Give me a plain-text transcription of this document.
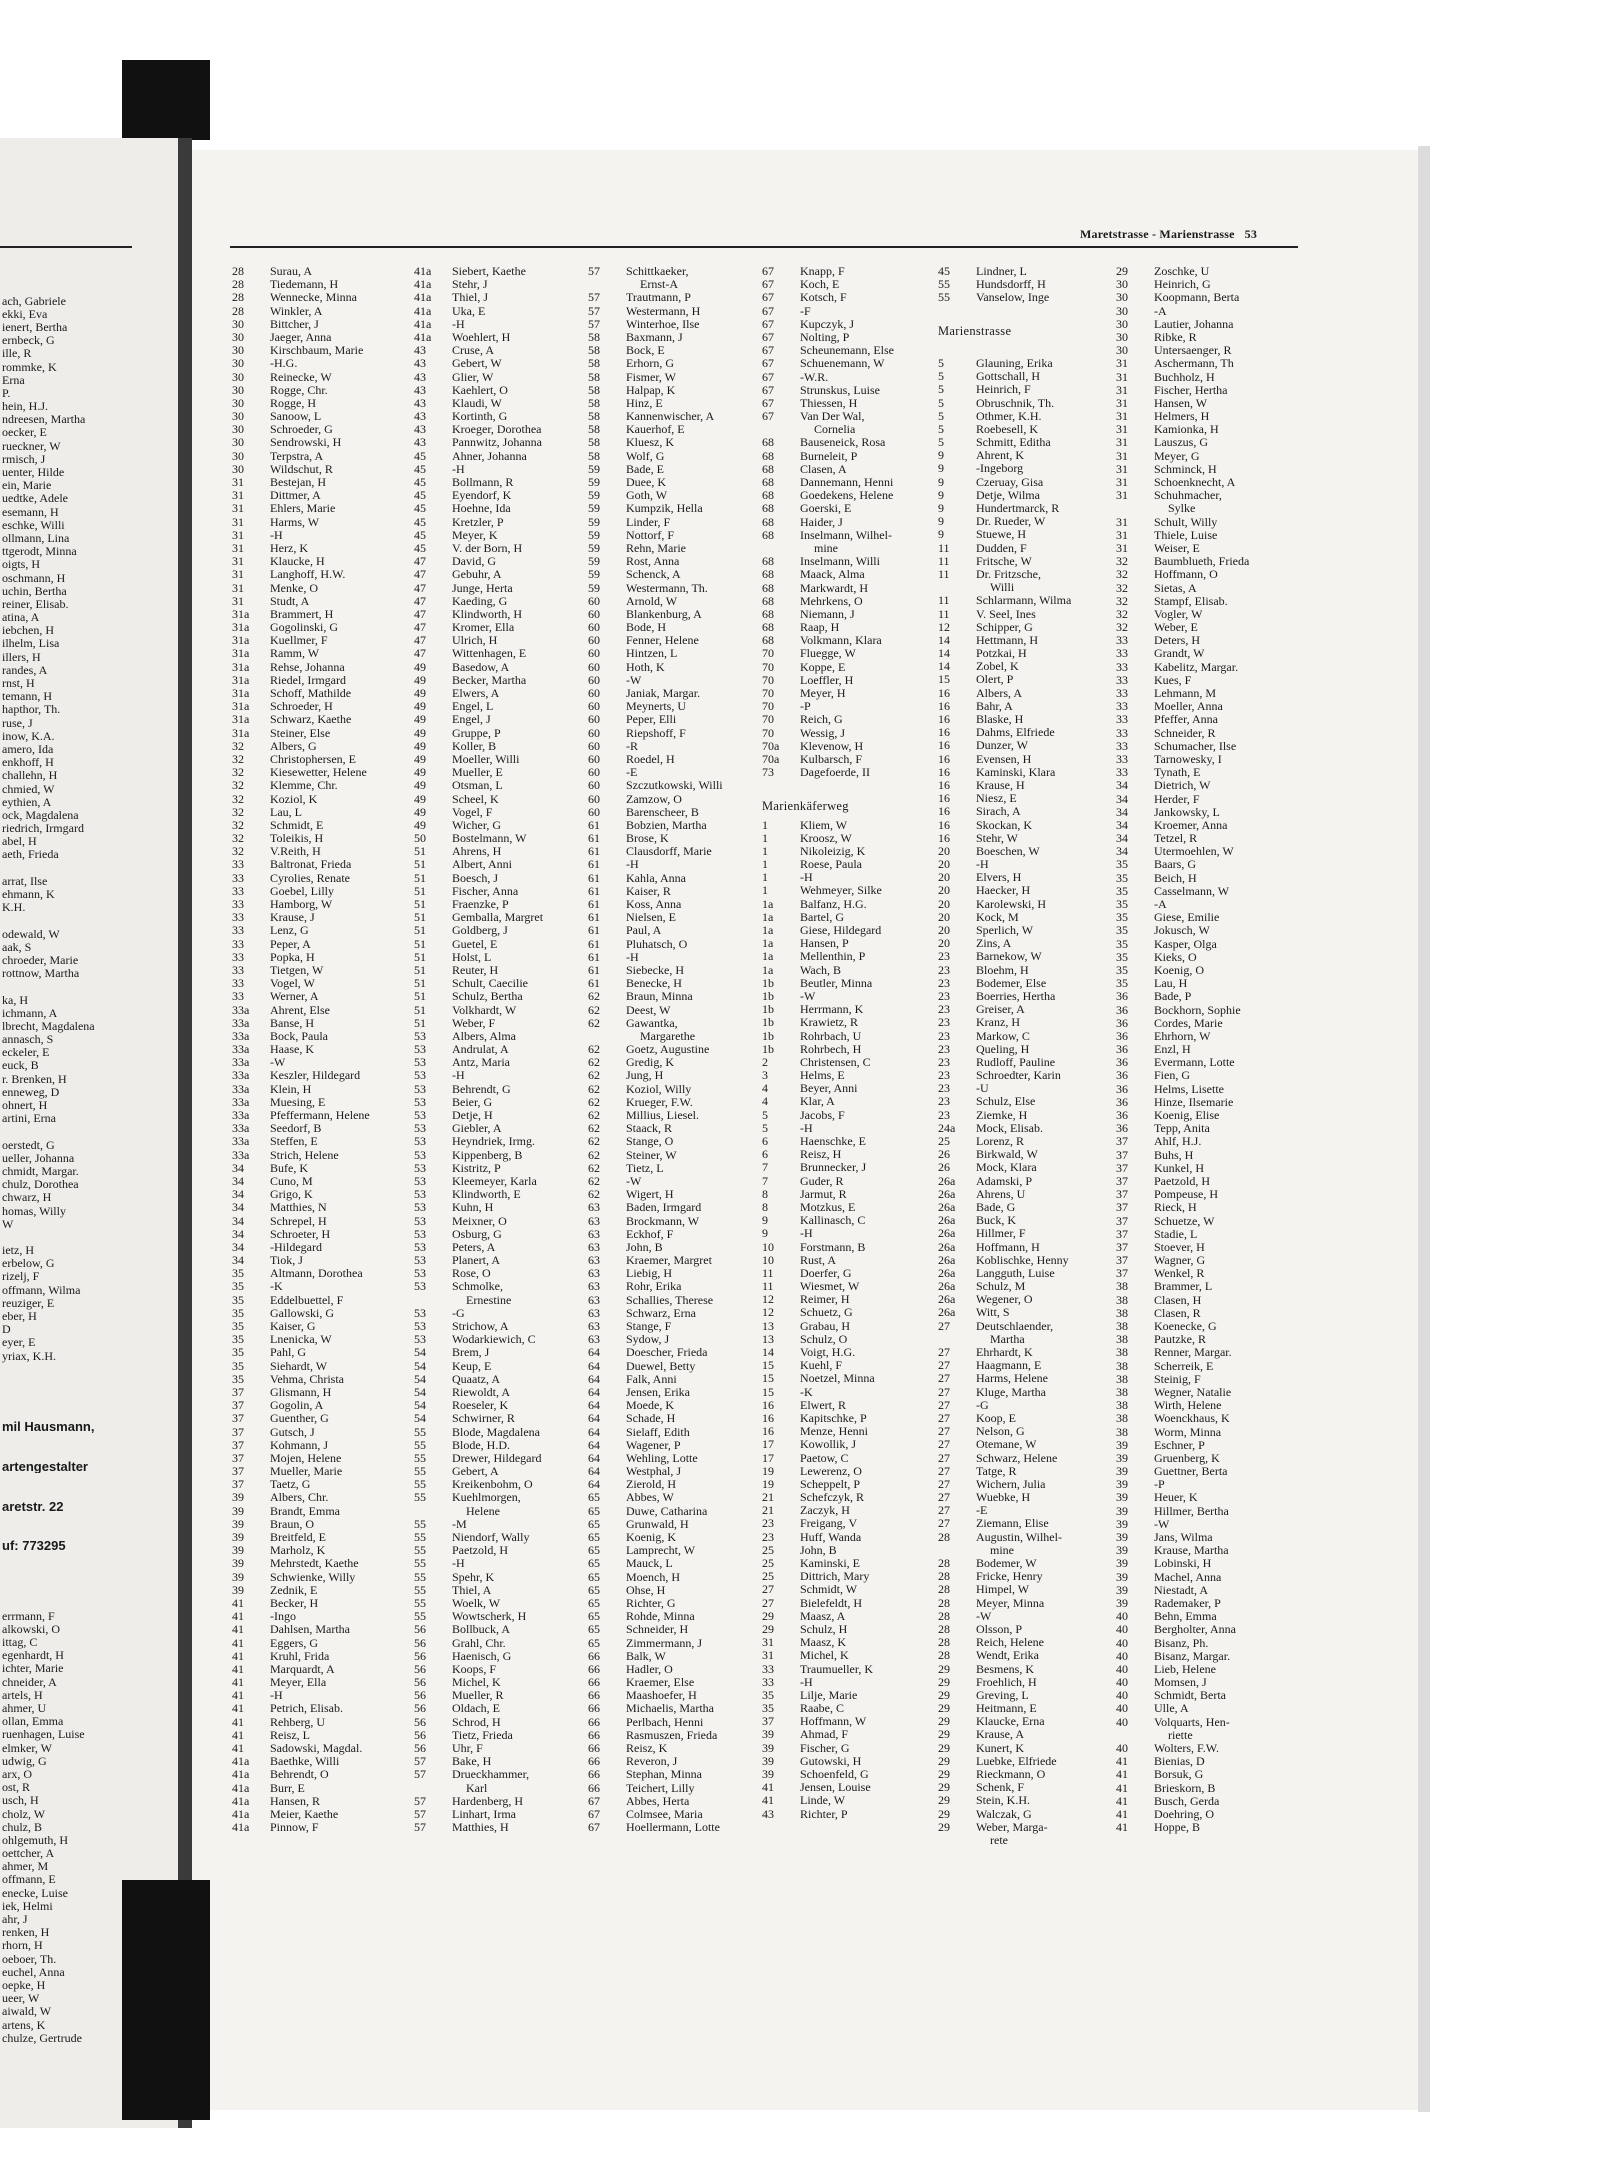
Maretstrasse - Marienstrasse 53

ach, Gabriele
ekki, Eva
ienert, Bertha
ernbeck, G
ille, R
rommke, K
Erna
P.
hein, H.J.
ndreesen, Martha
oecker, E
rueckner, W
rmisch, J
uenter, Hilde
ein, Marie
uedtke, Adele
esemann, H
eschke, Willi
ollmann, Lina
ttgerodt, Minna
oigts, H
oschmann, H
uchin, Bertha
reiner, Elisab.
atina, A
iebchen, H
ilhelm, Lisa
illers, H
randes, A
rnst, H
temann, H
hapthor, Th.
ruse, J
inow, K.A.
amero, Ida
enkhoff, H
challehn, H
chmied, W
eythien, A
ock, Magdalena
riedrich, Irmgard
abel, H
aeth, Frieda

arrat, Ilse
ehmann, K
K.H.

odewald, W
aak, S
chroeder, Marie
rottnow, Martha

ka, H
ichmann, A
lbrecht, Magdalena
annasch, S
eckeler, E
euck, B
r. Brenken, H
enneweg, D
ohnert, H
artini, Erna

oerstedt, G
ueller, Johanna
chmidt, Margar.
chulz, Dorothea
chwarz, H
homas, Willy
W

ietz, H
erbelow, G
rizelj, F
offmann, Wilma
reuziger, E
eber, H
D
eyer, E
yriax, K.H.

mil Hausmann,

artengestalter

aretstr. 22

uf: 773295

errmann, F
alkowski, O
ittag, C
egenhardt, H
ichter, Marie
chneider, A
artels, H
ahmer, U
ollan, Emma
ruenhagen, Luise
elmker, W
udwig, G
arx, O
ost, R
usch, H
cholz, W
chulz, B
ohlgemuth, H
oettcher, A
ahmer, M
offmann, E
enecke, Luise
iek, Helmi
ahr, J
renken, H
rhorn, H
oeboer, Th.
euchel, Anna
oepke, H
ueer, W
aiwald, W
artens, K
chulze, Gertrude

28 Surau, A
28 Tiedemann, H
28 Wennecke, Minna
28 Winkler, A
30 Bittcher, J
30 Jaeger, Anna
30 Kirschbaum, Marie
30 -H.G.
30 Reinecke, W
30 Rogge, Chr.
30 Rogge, H
30 Sanoow, L
30 Schroeder, G
30 Sendrowski, H
30 Terpstra, A
30 Wildschut, R
31 Bestejan, H
31 Dittmer, A
31 Ehlers, Marie
31 Harms, W
31 -H
31 Herz, K
31 Klaucke, H
31 Langhoff, H.W.
31 Menke, O
31 Studt, A
31a Brammert, H
31a Gogolinski, G
31a Kuellmer, F
31a Ramm, W
31a Rehse, Johanna
31a Riedel, Irmgard
31a Schoff, Mathilde
31a Schroeder, H
31a Schwarz, Kaethe
31a Steiner, Else
32 Albers, G
32 Christophersen, E
32 Kiesewetter, Helene
32 Klemme, Chr.
32 Koziol, K
32 Lau, L
32 Schmidt, E
32 Toleikis, H
32 V.Reith, H
33 Baltronat, Frieda
33 Cyrolies, Renate
33 Goebel, Lilly
33 Hamborg, W
33 Krause, J
33 Lenz, G
33 Peper, A
33 Popka, H
33 Tietgen, W
33 Vogel, W
33 Werner, A
33a Ahrent, Else
33a Banse, H
33a Bock, Paula
33a Haase, K
33a -W
33a Keszler, Hildegard
33a Klein, H
33a Muesing, E
33a Pfeffermann, Helene
33a Seedorf, B
33a Steffen, E
33a Strich, Helene
34 Bufe, K
34 Cuno, M
34 Grigo, K
34 Matthies, N
34 Schrepel, H
34 Schroeter, H
34 -Hildegard
34 Tiok, J
35 Altmann, Dorothea
35 -K
35 Eddelbuettel, F
35 Gallowski, G
35 Kaiser, G
35 Lnenicka, W
35 Pahl, G
35 Siehardt, W
35 Vehma, Christa
37 Glismann, H
37 Gogolin, A
37 Guenther, G
37 Gutsch, J
37 Kohmann, J
37 Mojen, Helene
37 Mueller, Marie
37 Taetz, G
39 Albers, Chr.
39 Brandt, Emma
39 Braun, O
39 Breitfeld, E
39 Marholz, K
39 Mehrstedt, Kaethe
39 Schwienke, Willy
39 Zednik, E
41 Becker, H
41 -Ingo
41 Dahlsen, Martha
41 Eggers, G
41 Kruhl, Frida
41 Marquardt, A
41 Meyer, Ella
41 -H
41 Petrich, Elisab.
41 Rehberg, U
41 Reisz, L
41 Sadowski, Magdal.
41a Baethke, Willi
41a Behrendt, O
41a Burr, E
41a Hansen, R
41a Meier, Kaethe
41a Pinnow, F
41a Siebert, Kaethe
41a Stehr, J
41a Thiel, J
41a Uka, E
41a -H
41a Woehlert, H
43 Cruse, A
43 Gebert, W
43 Glier, W
43 Kaehlert, O
43 Klaudi, W
43 Kortinth, G
43 Kroeger, Dorothea
43 Pannwitz, Johanna
45 Ahner, Johanna
45 -H
45 Bollmann, R
45 Eyendorf, K
45 Hoehne, Ida
45 Kretzler, P
45 Meyer, K
45 V. der Born, H
47 David, G
47 Gebuhr, A
47 Junge, Herta
47 Kaeding, G
47 Klindworth, H
47 Kromer, Ella
47 Ulrich, H
47 Wittenhagen, E
49 Basedow, A
49 Becker, Martha
49 Elwers, A
49 Engel, L
49 Engel, J
49 Gruppe, P
49 Koller, B
49 Moeller, Willi
49 Mueller, E
49 Otsman, L
49 Scheel, K
49 Vogel, F
49 Wicher, G
50 Bostelmann, W
51 Ahrens, H
51 Albert, Anni
51 Boesch, J
51 Fischer, Anna
51 Fraenzke, P
51 Gemballa, Margret
51 Goldberg, J
51 Guetel, E
51 Holst, L
51 Reuter, H
51 Schult, Caecilie
51 Schulz, Bertha
51 Volkhardt, W
51 Weber, F
53 Albers, Alma
53 Andrulat, A
53 Antz, Maria
53 -H
53 Behrendt, G
53 Beier, G
53 Detje, H
53 Giebler, A
53 Heyndriek, Irmg.
53 Kippenberg, B
53 Kistritz, P
53 Kleemeyer, Karla
53 Klindworth, E
53 Kuhn, H
53 Meixner, O
53 Osburg, G
53 Peters, A
53 Planert, A
53 Rose, O
53 Schmolke,
Ernestine
53 -G
53 Strichow, A
53 Wodarkiewich, C
54 Brem, J
54 Keup, E
54 Quaatz, A
54 Riewoldt, A
54 Roeseler, K
54 Schwirner, R
55 Blode, Magdalena
55 Blode, H.D.
55 Drewer, Hildegard
55 Gebert, A
55 Kreikenbohm, O
55 Kuehlmorgen,
Helene
55 -M
55 Niendorf, Wally
55 Paetzold, H
55 -H
55 Spehr, K
55 Thiel, A
55 Woelk, W
55 Wowtscherk, H
56 Bollbuck, A
56 Grahl, Chr.
56 Haenisch, G
56 Koops, F
56 Michel, K
56 Mueller, R
56 Oldach, E
56 Schrod, H
56 Tietz, Frieda
56 Uhr, F
57 Bake, H
57 Drueckhammer,
Karl
57 Hardenberg, H
57 Linhart, Irma
57 Matthies, H
57 Schittkaeker,
Ernst-A
57 Trautmann, P
57 Westermann, H
57 Winterhoe, Ilse
58 Baxmann, J
58 Bock, E
58 Erhorn, G
58 Fismer, W
58 Halpap, K
58 Hinz, E
58 Kannenwischer, A
58 Kauerhof, E
58 Kluesz, K
58 Wolf, G
59 Bade, E
59 Duee, K
59 Goth, W
59 Kumpzik, Hella
59 Linder, F
59 Nottorf, F
59 Rehn, Marie
59 Rost, Anna
59 Schenck, A
59 Westermann, Th.
60 Arnold, W
60 Blankenburg, A
60 Bode, H
60 Fenner, Helene
60 Hintzen, L
60 Hoth, K
60 -W
60 Janiak, Margar.
60 Meynerts, U
60 Peper, Elli
60 Riepshoff, F
60 -R
60 Roedel, H
60 -E
60 Szczutkowski, Willi
60 Zamzow, O
60 Barenscheer, B
61 Bobzien, Martha
61 Brose, K
61 Clausdorff, Marie
61 -H
61 Kahla, Anna
61 Kaiser, R
61 Koss, Anna
61 Nielsen, E
61 Paul, A
61 Pluhatsch, O
61 -H
61 Siebecke, H
61 Benecke, H
62 Braun, Minna
62 Deest, W
62 Gawantka,
Margarethe
62 Goetz, Augustine
62 Gredig, K
62 Jung, H
62 Koziol, Willy
62 Krueger, F.W.
62 Millius, Liesel.
62 Staack, R
62 Stange, O
62 Steiner, W
62 Tietz, L
62 -W
62 Wigert, H
63 Baden, Irmgard
63 Brockmann, W
63 Eckhof, F
63 John, B
63 Kraemer, Margret
63 Liebig, H
63 Rohr, Erika
63 Schallies, Therese
63 Schwarz, Erna
63 Stange, F
63 Sydow, J
64 Doescher, Frieda
64 Duewel, Betty
64 Falk, Anni
64 Jensen, Erika
64 Moede, K
64 Schade, H
64 Sielaff, Edith
64 Wagener, P
64 Wehling, Lotte
64 Westphal, J
64 Zierold, H
65 Abbes, W
65 Duwe, Catharina
65 Grunwald, H
65 Koenig, K
65 Lamprecht, W
65 Mauck, L
65 Moench, H
65 Ohse, H
65 Richter, G
65 Rohde, Minna
65 Schneider, H
65 Zimmermann, J
66 Balk, W
66 Hadler, O
66 Kraemer, Else
66 Maashoefer, H
66 Michaelis, Martha
66 Perlbach, Henni
66 Rasmuszen, Frieda
66 Reisz, K
66 Reveron, J
66 Stephan, Minna
66 Teichert, Lilly
67 Abbes, Herta
67 Colmsee, Maria
67 Hoellermann, Lotte
67 Knapp, F
67 Koch, E
67 Kotsch, F
67 -F
67 Kupczyk, J
67 Nolting, P
67 Scheunemann, Else
67 Schuenemann, W
67 -W.R.
67 Strunskus, Luise
67 Thiessen, H
67 Van Der Wal,
Cornelia
68 Bauseneick, Rosa
68 Burneleit, P
68 Clasen, A
68 Dannemann, Henni
68 Goedekens, Helene
68 Goerski, E
68 Haider, J
68 Inselmann, Wilhel-
mine
68 Inselmann, Willi
68 Maack, Alma
68 Markwardt, H
68 Mehrkens, O
68 Niemann, J
68 Raap, H
68 Volkmann, Klara
70 Fluegge, W
70 Koppe, E
70 Loeffler, H
70 Meyer, H
70 -P
70 Reich, G
70 Wessig, J
70a Klevenow, H
70a Kulbarsch, F
73 Dagefoerde, II

Marienkäferweg
1	Kliem, W
1	Kroosz, W
1	Nikoleizig, K
1	Roese, Paula
1	-H
1	Wehmeyer, Silke
1a Balfanz, H.G.
1a Bartel, G
1a Giese, Hildegard
1a Hansen, P
1a Mellenthin, P
1a Wach, B
1b Beutler, Minna
1b -W
1b Herrmann, K
1b Krawietz, R
1b Rohrbach, U
1b Rohrbech, H
2	Christensen, C
3	Helms, E
4	Beyer, Anni
4	Klar, A
5	Jacobs, F
5	-H
6	Haenschke, E
6	Reisz, H
7	Brunnecker, J
7	Guder, R
8	Jarmut, R
8	Motzkus, E
9	Kallinasch, C
9	-H
10 Forstmann, B
10 Rust, A
11 Doerfer, G
11 Wiesmet, W
12 Reimer, H
12 Schuetz, G
13 Grabau, H
13 Schulz, O
14 Voigt, H.G.
15 Kuehl, F
15 Noetzel, Minna
15 -K
16 Elwert, R
16 Kapitschke, P
16 Menze, Henni
17 Kowollik, J
17 Paetow, C
19 Lewerenz, O
19 Scheppelt, P
21 Schefczyk, R
21 Zaczyk, H
23 Freigang, V
23 Huff, Wanda
25 John, B
25 Kaminski, E
25 Dittrich, Mary
27 Schmidt, W
27 Bielefeldt, H
29 Maasz, A
29 Schulz, H
31 Maasz, K
31 Michel, K
33 Traumueller, K
33 -H
35 Lilje, Marie
35 Raabe, C
37 Hoffmann, W
39 Ahmad, F
39 Fischer, G
39 Gutowski, H
39 Schoenfeld, G
41 Jensen, Louise
41 Linde, W
43 Richter, P
45 Lindner, L
55 Hundsdorff, H
55 Vanselow, Inge

Marienstrasse

5	Glauning, Erika
5	Gottschall, H
5	Heinrich, F
5	Obruschnik, Th.
5	Othmer, K.H.
5	Roebesell, K
5	Schmitt, Editha
9	Ahrent, K
9	-Ingeborg
9	Czeruay, Gisa
9	Detje, Wilma
9	Hundertmarck, R
9	Dr. Rueder, W
9	Stuewe, H
11 Dudden, F
11 Fritsche, W
11 Dr. Fritzsche,
Willi
11 Schlarmann, Wilma
11 V. Seel, Ines
12 Schipper, G
14 Hettmann, H
14 Potzkai, H
14 Zobel, K
15 Olert, P
16 Albers, A
16 Bahr, A
16 Blaske, H
16 Dahms, Elfriede
16 Dunzer, W
16 Evensen, H
16 Kaminski, Klara
16 Krause, H
16 Niesz, E
16 Sirach, A
16 Skockan, K
16 Stehr, W
20 Boeschen, W
20 -H
20 Elvers, H
20 Haecker, H
20 Karolewski, H
20 Kock, M
20 Sperlich, W
20 Zins, A
23 Barnekow, W
23 Bloehm, H
23 Bodemer, Else
23 Boerries, Hertha
23 Greiser, A
23 Kranz, H
23 Markow, C
23 Queling, H
23 Rudloff, Pauline
23 Schroedter, Karin
23 -U
23 Schulz, Else
23 Ziemke, H
24a Mock, Elisab.
25 Lorenz, R
26 Birkwald, W
26 Mock, Klara
26a Adamski, P
26a Ahrens, U
26a Bade, G
26a Buck, K
26a Hillmer, F
26a Hoffmann, H
26a Koblischke, Henny
26a Langguth, Luise
26a Schulz, M
26a Wegener, O
26a Witt, S
27 Deutschlaender,
Martha
27 Ehrhardt, K
27 Haagmann, E
27 Harms, Helene
27 Kluge, Martha
27 -G
27 Koop, E
27 Nelson, G
27 Otemane, W
27 Schwarz, Helene
27 Tatge, R
27 Wichern, Julia
27 Wuebke, H
27 -E
27 Ziemann, Elise
28 Augustin, Wilhel-
mine
28 Bodemer, W
28 Fricke, Henry
28 Himpel, W
28 Meyer, Minna
28 -W
28 Olsson, P
28 Reich, Helene
28 Wendt, Erika
29 Besmens, K
29 Froehlich, H
29 Greving, L
29 Heitmann, E
29 Klaucke, Erna
29 Krause, A
29 Kunert, K
29 Luebke, Elfriede
29 Rieckmann, O
29 Schenk, F
29 Stein, K.H.
29 Walczak, G
29 Weber, Marga-
rete
29 Zoschke, U
30 Heinrich, G
30 Koopmann, Berta
30 -A
30 Lautier, Johanna
30 Ribke, R
30 Untersaenger, R
31 Aschermann, Th
31 Buchholz, H
31 Fischer, Hertha
31 Hansen, W
31 Helmers, H
31 Kamionka, H
31 Lauszus, G
31 Meyer, G
31 Schminck, H
31 Schoenknecht, A
31 Schuhmacher,
Sylke
31 Schult, Willy
31 Thiele, Luise
31 Weiser, E
32 Baumblueth, Frieda
32 Hoffmann, O
32 Sietas, A
32 Stampf, Elisab.
32 Vogler, W
32 Weber, E
33 Deters, H
33 Grandt, W
33 Kabelitz, Margar.
33 Kues, F
33 Lehmann, M
33 Moeller, Anna
33 Pfeffer, Anna
33 Schneider, R
33 Schumacher, Ilse
33 Tarnowesky, I
33 Tynath, E
34 Dietrich, W
34 Herder, F
34 Jankowsky, L
34 Kroemer, Anna
34 Tetzel, R
34 Utermoehlen, W
35 Baars, G
35 Beich, H
35 Casselmann, W
35 -A
35 Giese, Emilie
35 Jokusch, W
35 Kasper, Olga
35 Kieks, O
35 Koenig, O
35 Lau, H
36 Bade, P
36 Bockhorn, Sophie
36 Cordes, Marie
36 Ehrhorn, W
36 Enzl, H
36 Evermann, Lotte
36 Fien, G
36 Helms, Lisette
36 Hinze, Ilsemarie
36 Koenig, Elise
36 Tepp, Anita
37 Ahlf, H.J.
37 Buhs, H
37 Kunkel, H
37 Paetzold, H
37 Pompeuse, H
37 Rieck, H
37 Schuetze, W
37 Stadie, L
37 Stoever, H
37 Wagner, G
37 Wenkel, R
38 Brammer, L
38 Clasen, H
38 Clasen, R
38 Koenecke, G
38 Pautzke, R
38 Renner, Margar.
38 Scherreik, E
38 Steinig, F
38 Wegner, Natalie
38 Wirth, Helene
38 Woenckhaus, K
38 Worm, Minna
39 Eschner, P
39 Gruenberg, K
39 Guettner, Berta
39 -P
39 Heuer, K
39 Hillmer, Bertha
39 -W
39 Jans, Wilma
39 Krause, Martha
39 Lobinski, H
39 Machel, Anna
39 Niestadt, A
39 Rademaker, P
40 Behn, Emma
40 Bergholter, Anna
40 Bisanz, Ph.
40 Bisanz, Margar.
40 Lieb, Helene
40 Momsen, J
40 Schmidt, Berta
40 Ulle, A
40 Volquarts, Hen-
riette
40 Wolters, F.W.
41 Bienias, D
41 Borsuk, G
41 Brieskorn, B
41 Busch, Gerda
41 Doehring, O
41 Hoppe, B
